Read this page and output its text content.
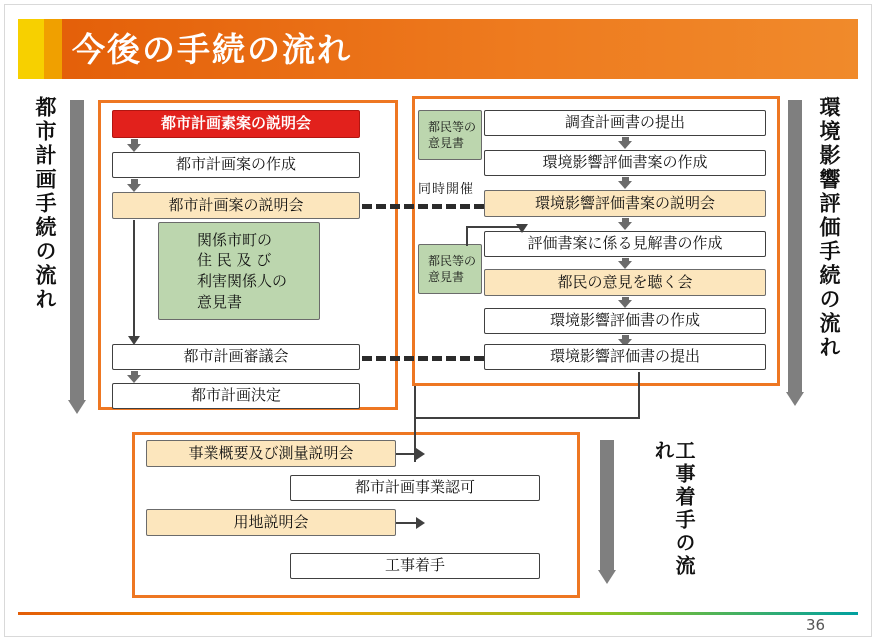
今後の手続の流れ
都市計画手続の流れ	環境影響評価手続の流れ
工事着手の流れ
都市計画素案の説明会
都市計画案の作成
都市計画案の説明会
関係市町の
住 民 及 び
利害関係人の
意見書
都市計画審議会
都市計画決定
同時開催
調査計画書の提出
環境影響評価書案の作成
環境影響評価書案の説明会
評価書案に係る見解書の作成
都民の意見を聴く会
環境影響評価書の作成
環境影響評価書の提出
都民等の
意見書
都民等の
意見書
事業概要及び測量説明会
都市計画事業認可
用地説明会
工事着手
36
